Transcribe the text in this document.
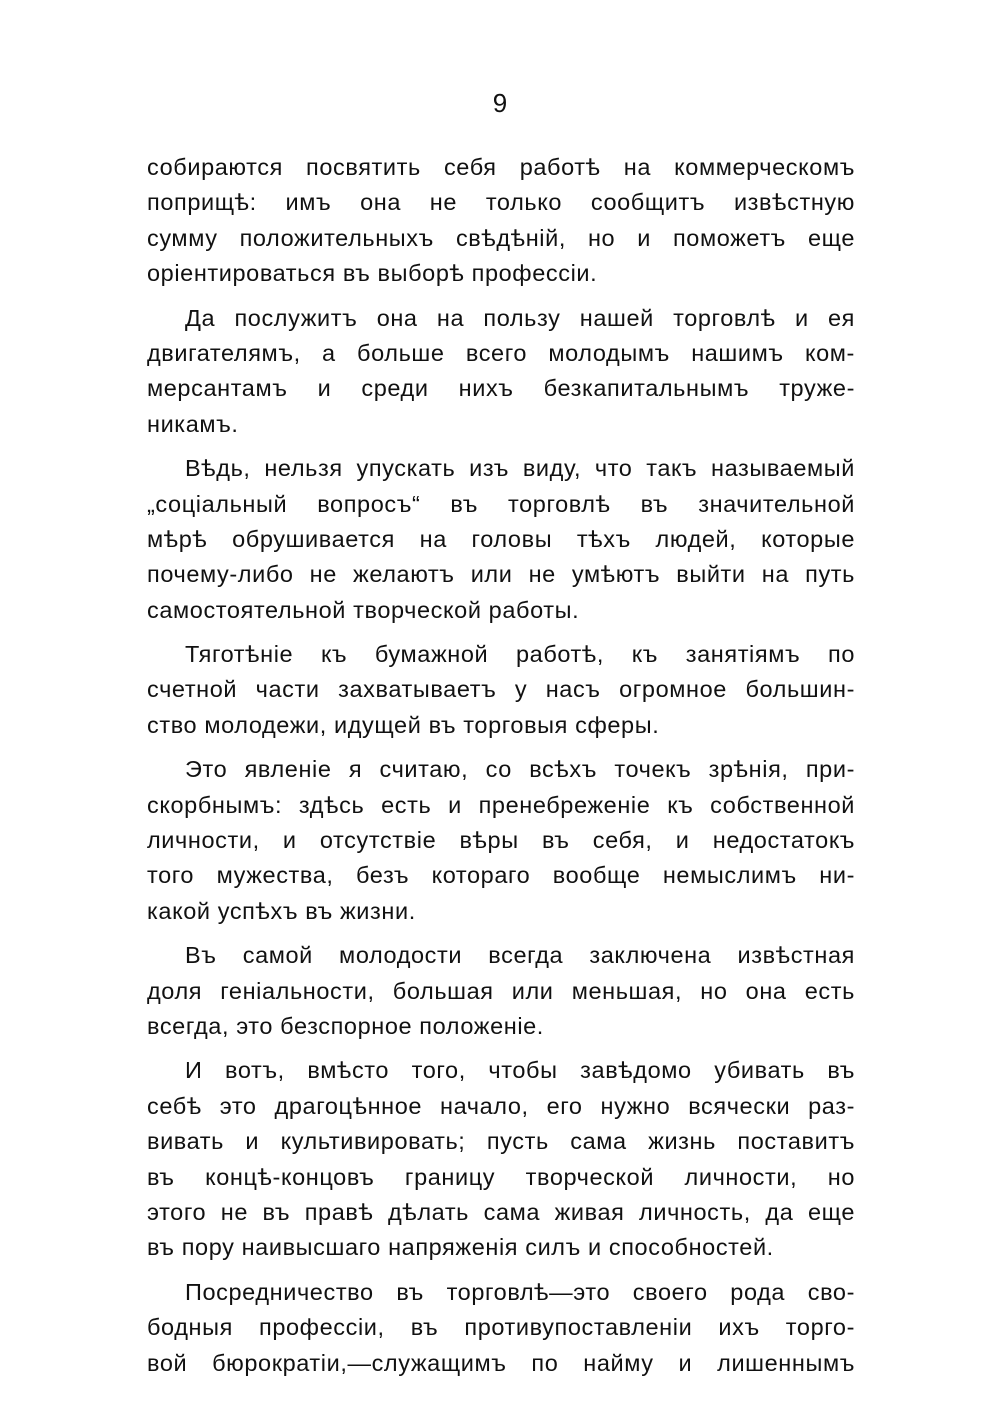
9
собираются посвятить себя работѣ на коммерческомъ
поприщѣ: имъ она не только сообщитъ извѣстную
сумму положительныхъ свѣдѣнiй, но и поможетъ еще
орiентироваться въ выборѣ профессiи.
Да послужитъ она на пользу нашей торговлѣ и ея
двигателямъ, а больше всего молодымъ нашимъ ком-
мерсантамъ и среди нихъ безкапитальнымъ труже-
никамъ.
Вѣдь, нельзя упускать изъ виду, что такъ называемый
„соцiальный вопросъ“ въ торговлѣ въ значительной
мѣрѣ обрушивается на головы тѣхъ людей, которые
почему-либо не желаютъ или не умѣютъ выйти на путь
самостоятельной творческой работы.
Тяготѣнiе къ бумажной работѣ, къ занятiямъ по
счетной части захватываетъ у насъ огромное большин-
ство молодежи, идущей въ торговыя сферы.
Это явленiе я считаю, со всѣхъ точекъ зрѣнiя, при-
скорбнымъ: здѣсь есть и пренебреженiе къ собственной
личности, и отсутствiе вѣры въ себя, и недостатокъ
того мужества, безъ котораго вообще немыслимъ ни-
какой успѣхъ въ жизни.
Въ самой молодости всегда заключена извѣстная
доля генiальности, большая или меньшая, но она есть
всегда, это безспорное положенiе.
И вотъ, вмѣсто того, чтобы завѣдомо убивать въ
себѣ это драгоцѣнное начало, его нужно всячески раз-
вивать и культивировать; пусть сама жизнь поставитъ
въ концѣ-концовъ границу творческой личности, но
этого не въ правѣ дѣлать сама живая личность, да еще
въ пору наивысшаго напряженiя силъ и способностей.
Посредничество въ торговлѣ—это своего рода сво-
бодныя профессiи, въ противупоставленiи ихъ торго-
вой бюрократiи,—служащимъ по найму и лишеннымъ
